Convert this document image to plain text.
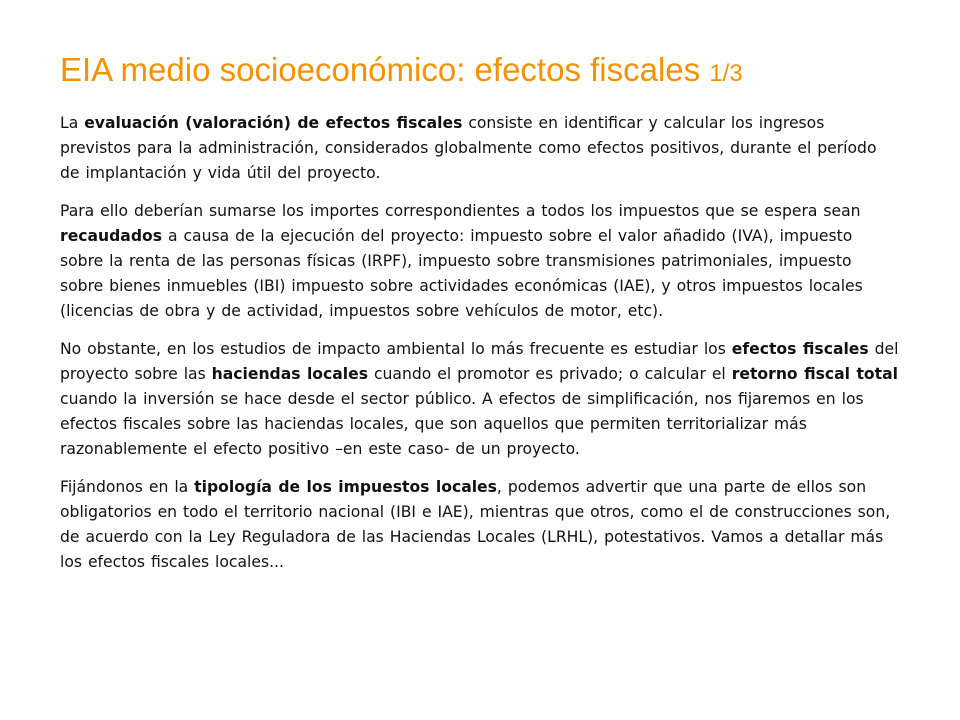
EIA medio socioeconómico: efectos fiscales 1/3

La evaluación (valoración) de efectos fiscales consiste en identificar y calcular los ingresos previstos para la administración, considerados globalmente como efectos positivos, durante el período de implantación y vida útil del proyecto.

Para ello deberían sumarse los importes correspondientes a todos los impuestos que se espera sean recaudados a causa de la ejecución del proyecto: impuesto sobre el valor añadido (IVA), impuesto sobre la renta de las personas físicas (IRPF), impuesto sobre transmisiones patrimoniales, impuesto sobre bienes inmuebles (IBI) impuesto sobre actividades económicas (IAE), y otros impuestos locales (licencias de obra y de actividad, impuestos sobre vehículos de motor, etc).

No obstante, en los estudios de impacto ambiental lo más frecuente es estudiar los efectos fiscales del proyecto sobre las haciendas locales cuando el promotor es privado; o calcular el retorno fiscal total cuando la inversión se hace desde el sector público. A efectos de simplificación, nos fijaremos en los efectos fiscales sobre las haciendas locales, que son aquellos que permiten territorializar más razonablemente el efecto positivo –en este caso- de un proyecto.

Fijándonos en la tipología de los impuestos locales, podemos advertir que una parte de ellos son obligatorios en todo el territorio nacional (IBI e IAE), mientras que otros, como el de construcciones son, de acuerdo con la Ley Reguladora de las Haciendas Locales (LRHL), potestativos. Vamos a detallar más los efectos fiscales locales...
